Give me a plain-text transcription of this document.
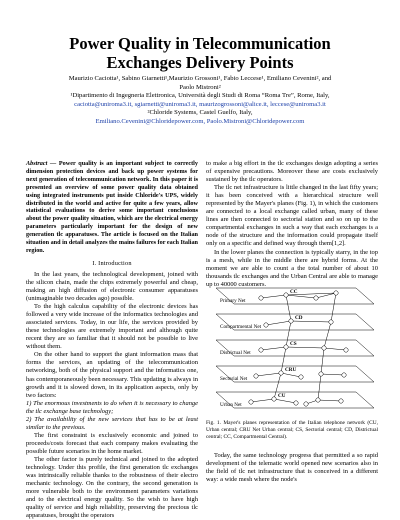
Power Quality in Telecommunication
Exchanges Delivery Points
Maurizio Caciotta¹, Sabino Giarnetti¹,Maurizio Grossoni¹, Fabio Leccese¹, Emiliano Cevenini², and
Paolo Mistroni²
¹Dipartimento di Ingegneria Elettronica, Università degli Studi di Roma “Roma Tre”, Rome, Italy,
caciotta@uniroma3.it, sgiarnetti@uniroma3.it, maurizogrossoni@alice.it, leccese@uniroma3.it
²Chloride Systems, Castel Guelfo, Italy,
Emiliano.Cevenini@Chloridepower.com, Paolo.Mistroni@Chloridepower.com

Abstract — Power quality is an important subject to correctly dimension protection devices and back up power systems for next generation of telecommunication network. In this paper it is presented an overview of some power quality data obtained using integrated instruments put inside Chloride's UPS, widely distributed in the world and active for quite a few years, allow statistical evaluations to derive some important conclusions about the power quality situation, which are the electrical energy parameters particularly important for the design of new generation tlc apparatuses. The article is focused on the Italian situation and in detail analyzes the mains failures for each Italian region.

I. Introduction

In the last years, the technological development, joined with the silicon chain, made the chips extremely powerful and cheap, making an high diffusion of electronic consumer apparatuses (unimaginable two decades ago) possible.

To the high calculus capability of the electronic devices has followed a very wide increase of the informatics technologies and associated services. Today, in our life, the services provided by these technologies are extremely important and although quite recent they are so familiar that it should not be possible to live without them.

On the other hand to support the giant information mass that forms the services, an updating of the telecommunication networking, both of the physical support and the informatics one, has contemporaneously been necessary. This updating is always in growth and it is slowed down, in its application aspects, only by two factors:

1) The enormous investments to do when it is necessary to change the tlc exchange base technology;

2) The availability of the new services that has to be at least similar to the previous.

The first constraint is exclusively economic and joined to proceeds/costs forecast that each company makes evaluating the possible future scenarios in the home market.

The other factor is purely technical and joined to the adopted technology. Under this profile, the first generation tlc exchanges was intrinsically reliable thanks to the robustness of their electro mechanic technology. On the contrary, the second generation is more vulnerable both to the environment parameters variations and to the electrical energy quality. So the wish to have high quality of service and high reliability, preserving the precious tlc apparatuses, brought the operators

to make a big effort in the tlc exchanges design adopting a series of expensive precautions. Moreover these are costs exclusively sustained by the tlc operators.

The tlc net infrastructure is little changed in the last fifty years; it has been conceived with a hierarchical structure well represented by the Mayer's planes (Fig. 1), in which the customers are connected to a local exchange called urban, many of these lines are then connected to sectorial station and so on up to the compartmental exchanges in such a way that each exchanges is a node of the structure and the information could propagate itself only on a specific and defined way through them[1,2].

In the lower planes the connection is typically starry, in the top is a mesh, while in the middle there are hybrid forms. At the moment we are able to count a the total number of about 10 thousands tlc exchanges and the Urban Central are able to manage up to 40000 customers.

Primary Net
Compartmental Net
Districtual Net
Sectorial Net
Urban Net
CC
CD
CS
CRU
CU
Fig. 1. Mayer's planes representation of the Italian telephone network (CU, Urban central; CRU Net Urban central; CS, Sectorial central; CD, Districtual central; CC, Compartmental Central).

Today, the same technology progress that permitted a so rapid development of the telematic world opened new scenarios also in the field of tlc net infrastructure that is conceived in a different way: a wide mesh where the node's
